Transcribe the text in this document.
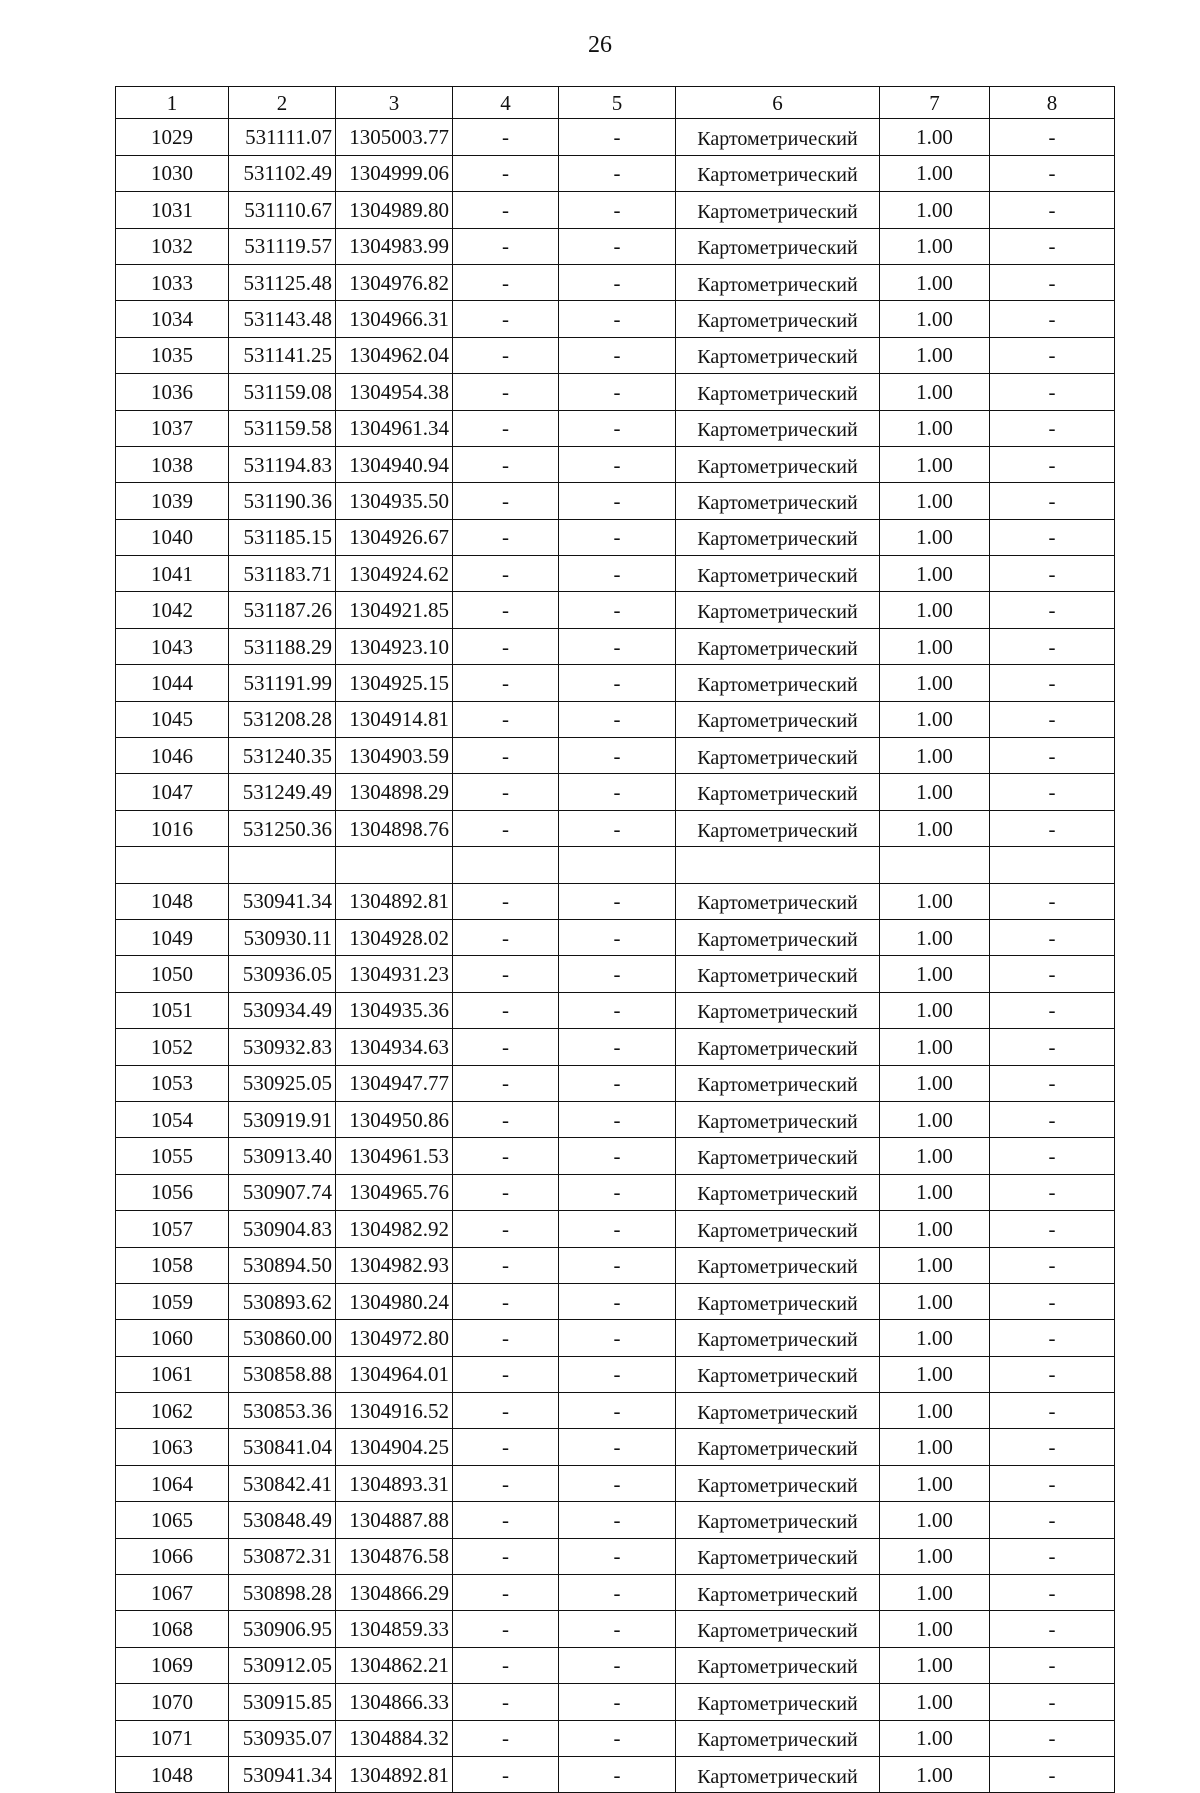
26
1	2	3	4	5	6	7	8
1029	531111.07	1305003.77	-	-	Картометрический	1.00	-
1030	531102.49	1304999.06	-	-	Картометрический	1.00	-
1031	531110.67	1304989.80	-	-	Картометрический	1.00	-
1032	531119.57	1304983.99	-	-	Картометрический	1.00	-
1033	531125.48	1304976.82	-	-	Картометрический	1.00	-
1034	531143.48	1304966.31	-	-	Картометрический	1.00	-
1035	531141.25	1304962.04	-	-	Картометрический	1.00	-
1036	531159.08	1304954.38	-	-	Картометрический	1.00	-
1037	531159.58	1304961.34	-	-	Картометрический	1.00	-
1038	531194.83	1304940.94	-	-	Картометрический	1.00	-
1039	531190.36	1304935.50	-	-	Картометрический	1.00	-
1040	531185.15	1304926.67	-	-	Картометрический	1.00	-
1041	531183.71	1304924.62	-	-	Картометрический	1.00	-
1042	531187.26	1304921.85	-	-	Картометрический	1.00	-
1043	531188.29	1304923.10	-	-	Картометрический	1.00	-
1044	531191.99	1304925.15	-	-	Картометрический	1.00	-
1045	531208.28	1304914.81	-	-	Картометрический	1.00	-
1046	531240.35	1304903.59	-	-	Картометрический	1.00	-
1047	531249.49	1304898.29	-	-	Картометрический	1.00	-
1016	531250.36	1304898.76	-	-	Картометрический	1.00	-

1048	530941.34	1304892.81	-	-	Картометрический	1.00	-
1049	530930.11	1304928.02	-	-	Картометрический	1.00	-
1050	530936.05	1304931.23	-	-	Картометрический	1.00	-
1051	530934.49	1304935.36	-	-	Картометрический	1.00	-
1052	530932.83	1304934.63	-	-	Картометрический	1.00	-
1053	530925.05	1304947.77	-	-	Картометрический	1.00	-
1054	530919.91	1304950.86	-	-	Картометрический	1.00	-
1055	530913.40	1304961.53	-	-	Картометрический	1.00	-
1056	530907.74	1304965.76	-	-	Картометрический	1.00	-
1057	530904.83	1304982.92	-	-	Картометрический	1.00	-
1058	530894.50	1304982.93	-	-	Картометрический	1.00	-
1059	530893.62	1304980.24	-	-	Картометрический	1.00	-
1060	530860.00	1304972.80	-	-	Картометрический	1.00	-
1061	530858.88	1304964.01	-	-	Картометрический	1.00	-
1062	530853.36	1304916.52	-	-	Картометрический	1.00	-
1063	530841.04	1304904.25	-	-	Картометрический	1.00	-
1064	530842.41	1304893.31	-	-	Картометрический	1.00	-
1065	530848.49	1304887.88	-	-	Картометрический	1.00	-
1066	530872.31	1304876.58	-	-	Картометрический	1.00	-
1067	530898.28	1304866.29	-	-	Картометрический	1.00	-
1068	530906.95	1304859.33	-	-	Картометрический	1.00	-
1069	530912.05	1304862.21	-	-	Картометрический	1.00	-
1070	530915.85	1304866.33	-	-	Картометрический	1.00	-
1071	530935.07	1304884.32	-	-	Картометрический	1.00	-
1048	530941.34	1304892.81	-	-	Картометрический	1.00	-
